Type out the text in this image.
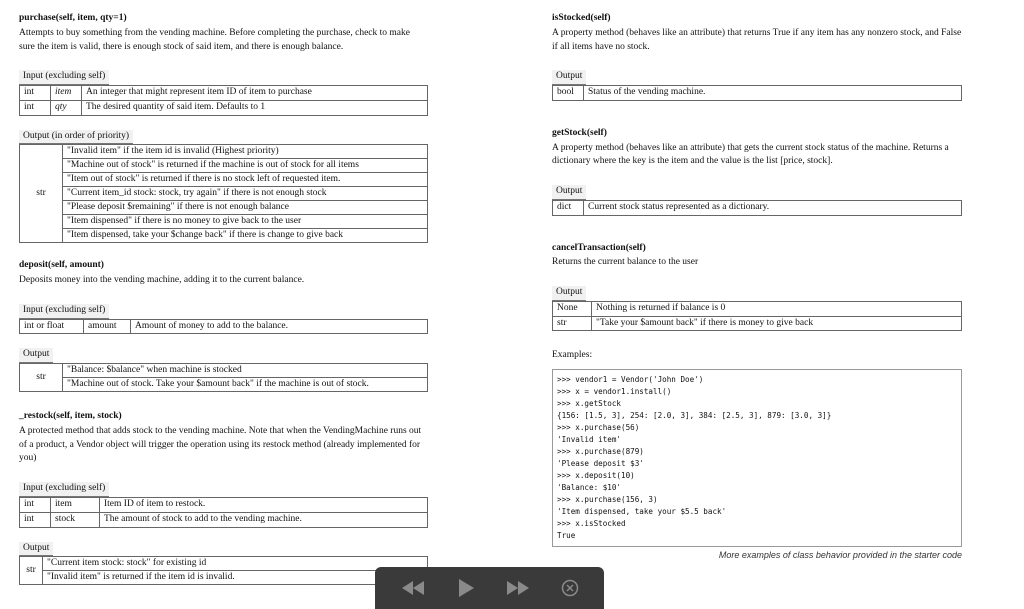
purchase(self, item, qty=1)

Attempts to buy something from the vending machine. Before completing the purchase, check to make sure the item is valid, there is enough stock of said item, and there is enough balance.

Input (excluding self)
int	item	An integer that might represent item ID of item to purchase
int	qty	The desired quantity of said item. Defaults to 1
Output (in order of priority)
str
"Invalid item" if the item id is invalid (Highest priority)
"Machine out of stock" is returned if the machine is out of stock for all items
"Item out of stock" is returned if there is no stock left of requested item.
"Current item_id stock: stock, try again" if there is not enough stock
"Please deposit $remaining" if there is not enough balance
"Item dispensed" if there is no money to give back to the user
"Item dispensed, take your $change back" if there is change to give back
deposit(self, amount)

Deposits money into the vending machine, adding it to the current balance.

Input (excluding self)
int or float	amount	Amount of money to add to the balance.
Output
str
"Balance: $balance" when machine is stocked
"Machine out of stock. Take your $amount back" if the machine is out of stock.
_restock(self, item, stock)

A protected method that adds stock to the vending machine. Note that when the VendingMachine runs out of a product, a Vendor object will trigger the operation using its restock method (already implemented for you)

Input (excluding self)
int	item	Item ID of item to restock.
int	stock	The amount of stock to add to the vending machine.
Output
str
"Current item stock: stock" for existing id
"Invalid item" is returned if the item id is invalid.
isStocked(self)

A property method (behaves like an attribute) that returns True if any item has any nonzero stock, and False if all items have no stock.

Output
bool	Status of the vending machine.
getStock(self)

A property method (behaves like an attribute) that gets the current stock status of the machine. Returns a dictionary where the key is the item and the value is the list [price, stock].

Output
dict	Current stock status represented as a dictionary.
cancelTransaction(self)

Returns the current balance to the user

Output
None	Nothing is returned if balance is 0
str	"Take your $amount back" if there is money to give back
Examples:
>>> vendor1 = Vendor('John Doe')
>>> x = vendor1.install()
>>> x.getStock
{156: [1.5, 3], 254: [2.0, 3], 384: [2.5, 3], 879: [3.0, 3]}
>>> x.purchase(56)
'Invalid item'
>>> x.purchase(879)
'Please deposit $3'
>>> x.deposit(10)
'Balance: $10'
>>> x.purchase(156, 3)
'Item dispensed, take your $5.5 back'
>>> x.isStocked
True
More examples of class behavior provided in the starter code
